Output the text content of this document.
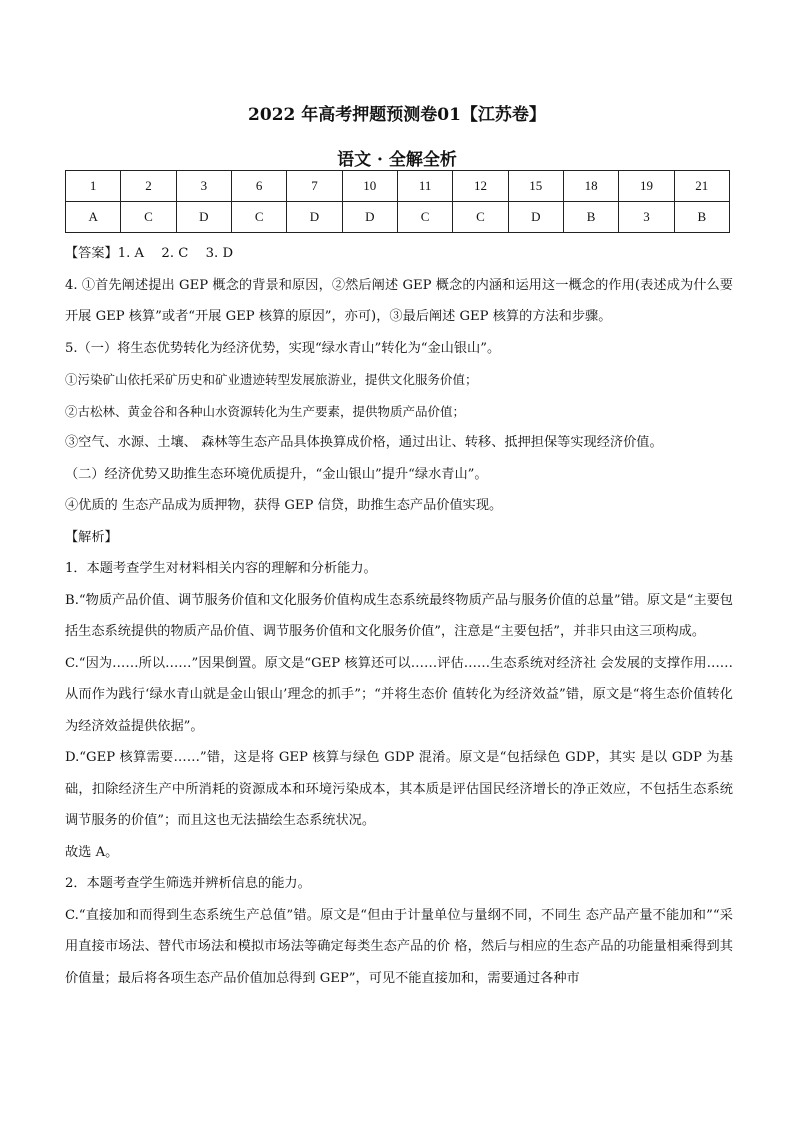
2022 年高考押题预测卷01【江苏卷】
语文 · 全解全析
1	2	3	6	7	10	11	12	15	18	19	21
A	C	D	C	D	D	C	C	D	B	3	B

【答案】1. A　 2. C　 3. D

4. ①首先阐述提出 GEP 概念的背景和原因，②然后阐述 GEP 概念的内涵和运用这一概念的作用(表述成为什么要开展 GEP 核算”或者“开展 GEP 核算的原因”，亦可)，③最后阐述 GEP 核算的方法和步骤。

5.（一）将生态优势转化为经济优势，实现“绿水青山”转化为“金山银山”。

①污染矿山依托采矿历史和矿业遗迹转型发展旅游业，提供文化服务价值；

②古松林、黄金谷和各种山水资源转化为生产要素，提供物质产品价值；

③空气、水源、土壤、 森林等生态产品具体换算成价格，通过出让、转移、抵押担保等实现经济价值。

（二）经济优势又助推生态环境优质提升，“金山银山”提升“绿水青山”。

④优质的 生态产品成为质押物，获得 GEP 信贷，助推生态产品价值实现。

【解析】

1．本题考查学生对材料相关内容的理解和分析能力。

B.“物质产品价值、调节服务价值和文化服务价值构成生态系统最终物质产品与服务价值的总量”错。原文是“主要包括生态系统提供的物质产品价值、调节服务价值和文化服务价值”，注意是“主要包括”，并非只由这三项构成。

C.“因为……所以……”因果倒置。原文是“GEP 核算还可以……评估……生态系统对经济社 会发展的支撑作用……从而作为践行‘绿水青山就是金山银山’理念的抓手”；“并将生态价 值转化为经济效益”错，原文是“将生态价值转化为经济效益提供依据”。

D.“GEP 核算需要……”错，这是将 GEP 核算与绿色 GDP 混淆。原文是“包括绿色 GDP，其实 是以 GDP 为基础，扣除经济生产中所消耗的资源成本和环境污染成本，其本质是评估国民经济增长的净正效应，不包括生态系统调节服务的价值”；而且这也无法描绘生态系统状况。

故选 A。

2．本题考查学生筛选并辨析信息的能力。

C.“直接加和而得到生态系统生产总值”错。原文是“但由于计量单位与量纲不同，不同生 态产品产量不能加和”“采用直接市场法、替代市场法和模拟市场法等确定每类生态产品的价 格，然后与相应的生态产品的功能量相乘得到其价值量；最后将各项生态产品价值加总得到 GEP”，可见不能直接加和，需要通过各种市
